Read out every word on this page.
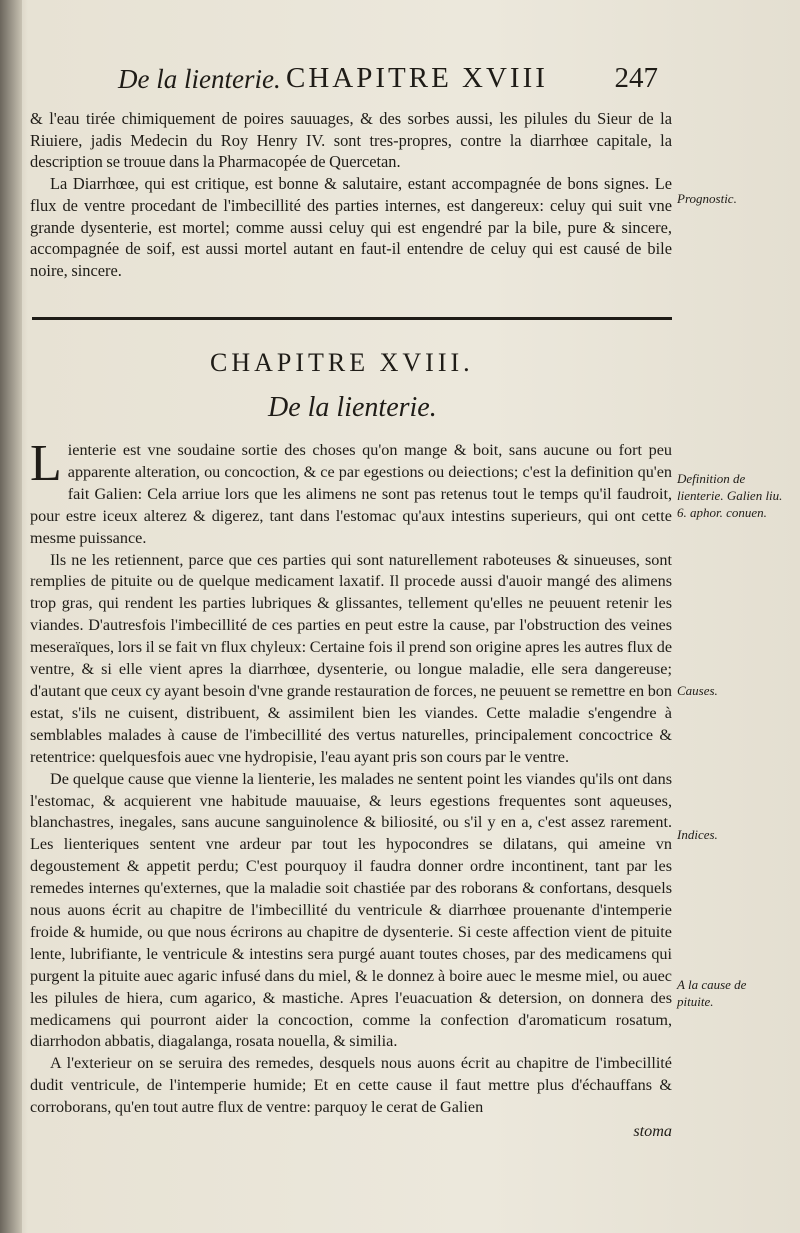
De la lienterie. CHAPITRE XVIII 247

& l'eau tirée chimiquement de poires sauuages, & des sorbes aussi, les pilules du Sieur de la Riuiere, jadis Medecin du Roy Henry IV. sont tres-propres, contre la diarrhœe capitale, la description se trouue dans la Pharmacopée de Quercetan.

La Diarrhœe, qui est critique, est bonne & salutaire, estant accompagnée de bons signes. Le flux de ventre procedant de l'imbecillité des parties internes, est dangereux: celuy qui suit vne grande dysenterie, est mortel; comme aussi celuy qui est engendré par la bile, pure & sincere, accompagnée de soif, est aussi mortel autant en faut-il entendre de celuy qui est causé de bile noire, sincere.

CHAPITRE XVIII.
De la lienterie.

Lienterie est vne soudaine sortie des choses qu'on mange & boit, sans aucune ou fort peu apparente alteration, ou concoction, & ce par egestions ou deiections; c'est la definition qu'en fait Galien: Cela arriue lors que les alimens ne sont pas retenus tout le temps qu'il faudroit, pour estre iceux alterez & digerez, tant dans l'estomac qu'aux intestins superieurs, qui ont cette mesme puissance.

Ils ne les retiennent, parce que ces parties qui sont naturellement raboteuses & sinueuses, sont remplies de pituite ou de quelque medicament laxatif. Il procede aussi d'auoir mangé des alimens trop gras, qui rendent les parties lubriques & glissantes, tellement qu'elles ne peuuent retenir les viandes. D'autresfois l'imbecillité de ces parties en peut estre la cause, par l'obstruction des veines meseraïques, lors il se fait vn flux chyleux: Certaine fois il prend son origine apres les autres flux de ventre, & si elle vient apres la diarrhœe, dysenterie, ou longue maladie, elle sera dangereuse; d'autant que ceux cy ayant besoin d'vne grande restauration de forces, ne peuuent se remettre en bon estat, s'ils ne cuisent, distribuent, & assimilent bien les viandes. Cette maladie s'engendre à semblables malades à cause de l'imbecillité des vertus naturelles, principalement concoctrice & retentrice: quelquesfois auec vne hydropisie, l'eau ayant pris son cours par le ventre.

De quelque cause que vienne la lienterie, les malades ne sentent point les viandes qu'ils ont dans l'estomac, & acquierent vne habitude mauuaise, & leurs egestions frequentes sont aqueuses, blanchastres, inegales, sans aucune sanguinolence & biliosité, ou s'il y en a, c'est assez rarement. Les lienteriques sentent vne ardeur par tout les hypocondres se dilatans, qui ameine vn degoustement & appetit perdu; C'est pourquoy il faudra donner ordre incontinent, tant par les remedes internes qu'externes, que la maladie soit chastiée par des roborans & confortans, desquels nous auons écrit au chapitre de l'imbecillité du ventricule & diarrhœe prouenante d'intemperie froide & humide, ou que nous écrirons au chapitre de dysenterie. Si ceste affection vient de pituite lente, lubrifiante, le ventricule & intestins sera purgé auant toutes choses, par des medicamens qui purgent la pituite auec agaric infusé dans du miel, & le donnez à boire auec le mesme miel, ou auec les pilules de hiera, cum agarico, & mastiche. Apres l'euacuation & detersion, on donnera des medicamens qui pourront aider la concoction, comme la confection d'aromaticum rosatum, diarrhodon abbatis, diagalanga, rosata nouella, & similia.

A l'exterieur on se seruira des remedes, desquels nous auons écrit au chapitre de l'imbecillité dudit ventricule, de l'intemperie humide; Et en cette cause il faut mettre plus d'échauffans & corroborans, qu'en tout autre flux de ventre: parquoy le cerat de Galien

stoma
Prognostic.
Definition de lienterie. Galien liu. 6. aphor. conuen.
Causes.
Indices.
A la cause de pituite.
